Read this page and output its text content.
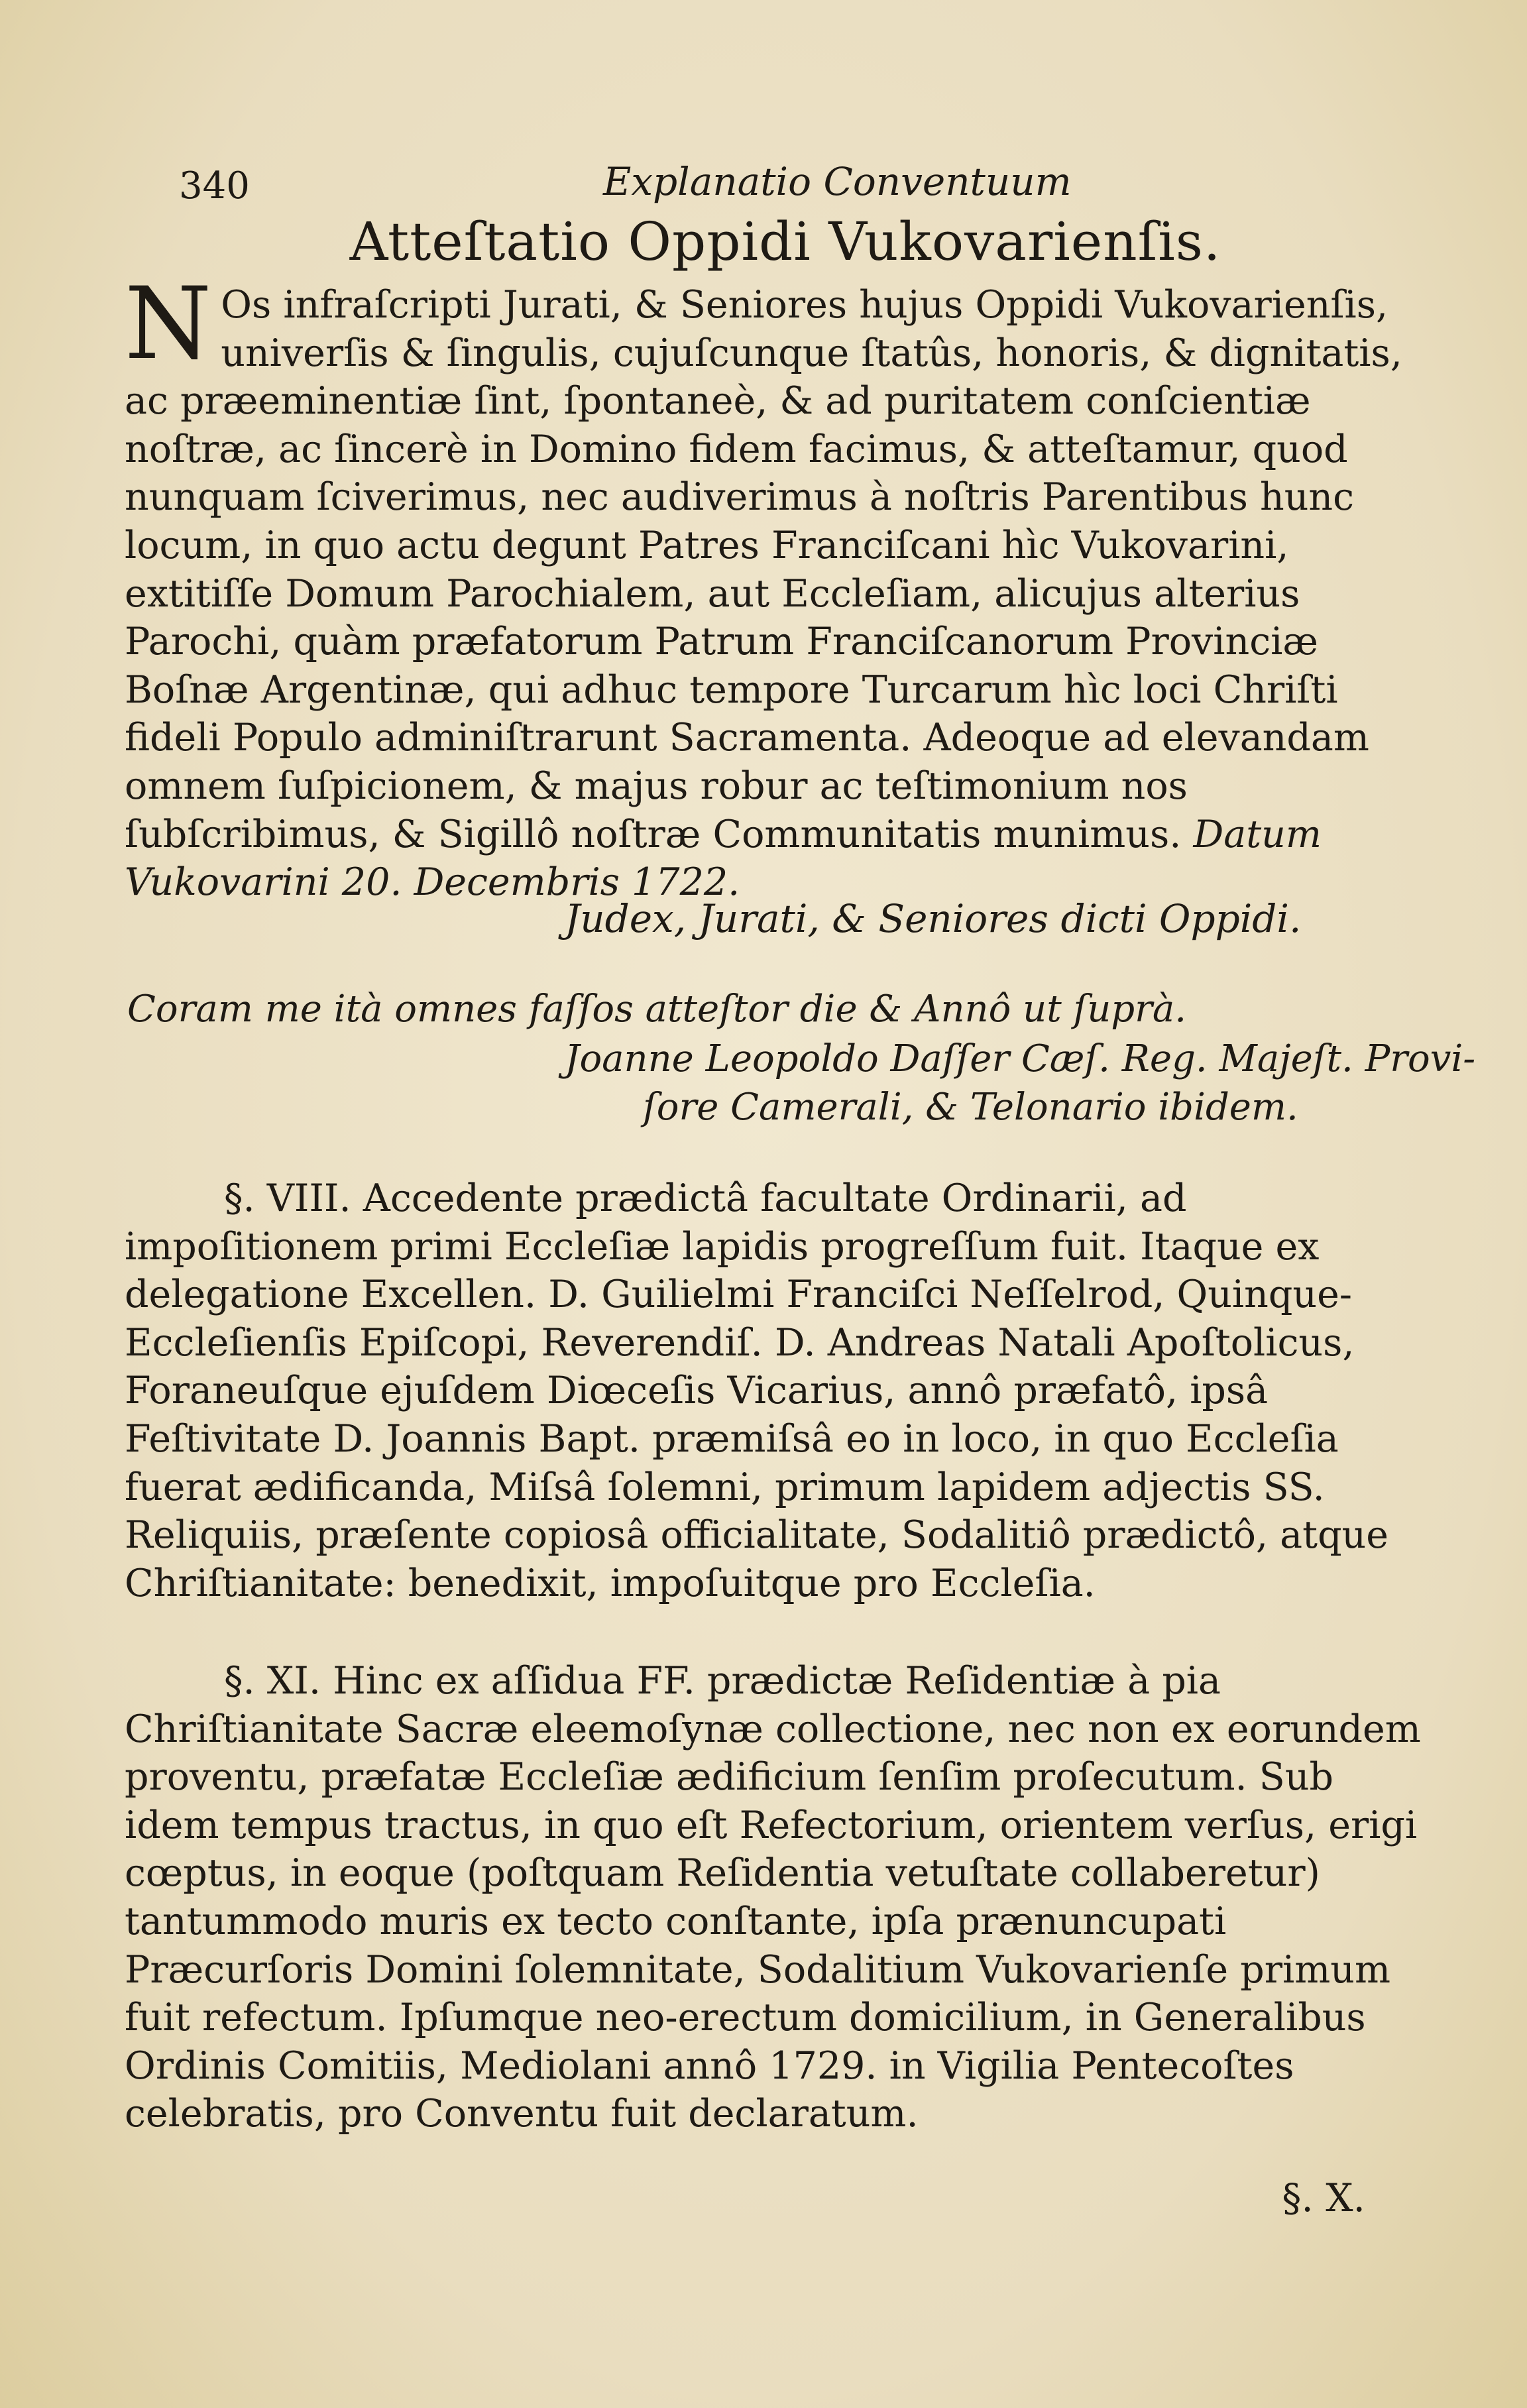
340	Explanatio Conventuum
Atteſtatio Oppidi Vukovarienſis.

N Os infraſcripti Jurati, & Seniores hujus Oppidi Vukovarienſis, univerſis & ſingulis, cujuſcunque ſtatûs, honoris, & dignitatis, ac præeminentiæ ſint, ſpontaneè, & ad puritatem conſcientiæ noſtræ, ac ſincerè in Domino fidem facimus, & atteſtamur, quod nunquam ſciverimus, nec audiverimus à noſtris Parentibus hunc locum, in quo actu degunt Patres Franciſcani hìc Vukovarini, extitiſſe Domum Parochialem, aut Eccleſiam, alicujus alterius Parochi, quàm præfatorum Patrum Franciſcanorum Provinciæ Boſnæ Argentinæ, qui adhuc tempore Turcarum hìc loci Chriſti fideli Populo adminiſtrarunt Sacramenta. Adeoque ad elevandam omnem ſuſpicionem, & majus robur ac teſtimonium nos ſubſcribimus, & Sigillô noſtræ Communitatis munimus. Datum Vukovarini 20. Decembris 1722.

Judex, Jurati, & Seniores dicti Oppidi.
Coram me ità omnes faſſos atteſtor die & Annô ut ſuprà.
Joanne Leopoldo Daſſer Cæſ. Reg. Majeſt. Provi-
ſore Camerali, & Telonario ibidem.

§. VIII. Accedente prædictâ facultate Ordinarii, ad impoſitionem primi Eccleſiæ lapidis progreſſum fuit. Itaque ex delegatione Excellen. D. Guilielmi Franciſci Neſſelrod, Quinque-Eccleſienſis Epiſcopi, Reverendiſ. D. Andreas Natali Apoſtolicus, Foraneuſque ejuſdem Diœceſis Vicarius, annô præfatô, ipsâ Feſtivitate D. Joannis Bapt. præmiſsâ eo in loco, in quo Eccleſia fuerat ædificanda, Miſsâ ſolemni, primum lapidem adjectis SS. Reliquiis, præſente copiosâ officialitate, Sodalitiô prædictô, atque Chriſtianitate: benedixit, impoſuitque pro Eccleſia.

§. XI. Hinc ex aſſidua FF. prædictæ Reſidentiæ à pia Chriſtianitate Sacræ eleemoſynæ collectione, nec non ex eorundem proventu, præfatæ Eccleſiæ ædificium ſenſim proſecutum. Sub idem tempus tractus, in quo eſt Refectorium, orientem verſus, erigi cœptus, in eoque (poſtquam Reſidentia vetuſtate collaberetur) tantummodo muris ex tecto conſtante, ipſa prænuncupati Præcurſoris Domini ſolemnitate, Sodalitium Vukovarienſe primum fuit refectum. Ipſumque neo-erectum domicilium, in Generalibus Ordinis Comitiis, Mediolani annô 1729. in Vigilia Pentecoſtes celebratis, pro Conventu fuit declaratum.

§. X.
